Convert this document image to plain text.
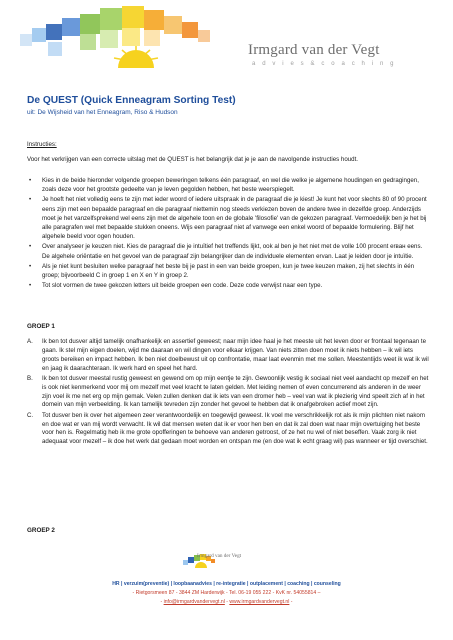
Irmgard van der Vegt
a d v i e s & c o a c h i n g
De QUEST (Quick Enneagram Sorting Test)
uit: De Wijsheid van het Enneagram, Riso & Hudson
Instructies:
Voor het verkrijgen van een correcte uitslag met de QUEST is het belangrijk dat je je aan de navolgende instructies houdt.
• Kies in de beide hieronder volgende groepen beweringen telkens één paragraaf, en wel die welke je algemene houdingen en gedragingen, zoals deze voor het grootste gedeelte van je leven gegolden hebben, het beste weerspiegelt.
• Je hoeft het niet volledig eens te zijn met ieder woord of iedere uitspraak in de paragraaf die je kiest! Je kunt het voor slechts 80 of 90 procent eens zijn met een bepaalde paragraaf en die paragraaf niettemin nog steeds verkiezen boven de andere twee in dezelfde groep. Anderzijds moet je het vanzelfsprekend wel eens zijn met de algehele toon en de globale 'filosofie' van de gekozen paragraaf. Vermoedelijk ben je het bij alle paragrafen wel met bepaalde stukken oneens. Wijs een paragraaf niet af vanwege een enkel woord of bepaalde formulering. Blijf het algehele beeld voor ogen houden.
• Over analyseer je keuzen niet. Kies de paragraaf die je intuïtief het treffends lijkt, ook al ben je het niet met de volle 100 procent erван eens. De algehele oriëntatie en het gevoel van de paragraaf zijn belangrijker dan de individuele elementen ervan. Laat je leiden door je intuïtie.
• Als je niet kunt besluiten welke paragraaf het beste bij je past in een van beide groepen, kun je twee keuzen maken, zij het slechts in één groep; bijvoorbeeld C in groep 1 en X en Y in groep 2.
• Tot slot vormen de twee gekozen letters uit beide groepen een code. Deze code verwijst naar een type.
GROEP 1
A. Ik ben tot dusver altijd tamelijk onafhankelijk en assertief geweest; naar mijn idee haal je het meeste uit het leven door er frontaal tegenaan te gaan. Ik stel mijn eigen doelen, wijd me daaraan en wil dingen voor elkaar krijgen. Van niets zitten doen moet ik niets hebben – ik wil iets groots bereiken en impact hebben. Ik ben niet doelbewust uit op confrontatie, maar laat evenmin met me sollen. Meestentijds weet ik wat ik wil en jaag ik daarachteraan. Ik werk hard en speel het hard.
B. Ik ben tot dusver meestal rustig geweest en gewend om op mijn eentje te zijn. Gewoonlijk vestig ik sociaal niet veel aandacht op mezelf en het is ook niet kenmerkend voor mij om mezelf met veel kracht te laten gelden. Met leiding nemen of even concurrerend als anderen in de weer zijn voel ik me net erg op mijn gemak. Velen zullen denken dat ik iets van een dromer heb – veel van wat ik plezierig vind speelt zich af in het domein van mijn verbeelding. Ik kan tamelijk tevreden zijn zonder het gevoel te hebben dat ik onafgebroken actief moet zijn.
C. Tot dusver ben ik over het algemeen zeer verantwoordelijk en toegewijd geweest. Ik voel me verschrikkelijk rot als ik mijn plichten niet nakom en doe wat er van mij wordt verwacht. Ik wil dat mensen weten dat ik er voor hen ben en dat ik zal doen wat naar mijn overtuiging het beste voor hen is. Regelmatig heb ik me grote opofferingen te behoeve van anderen getroost, of ze het nu wel of niet beseffen. Vaak zorg ik niet adequaat voor mezelf – ik doe het werk dat gedaan moet worden en ontspan me (en doe wat ik echt graag wil) pas wanneer er tijd overschiet.
GROEP 2
Irmgard van der Vegt
HR | verzuim(preventie) | loopbaanadvies | re-integratie | outplacement | coaching | counseling
- Rietgorsmeen 87 - 3844 ZM Harderwijk - Tel. 06-19 055 222 - KvK nr. 54055814 –
- info@irmgardvandervegt.nl - www.irmgardvandervegt.nl -
